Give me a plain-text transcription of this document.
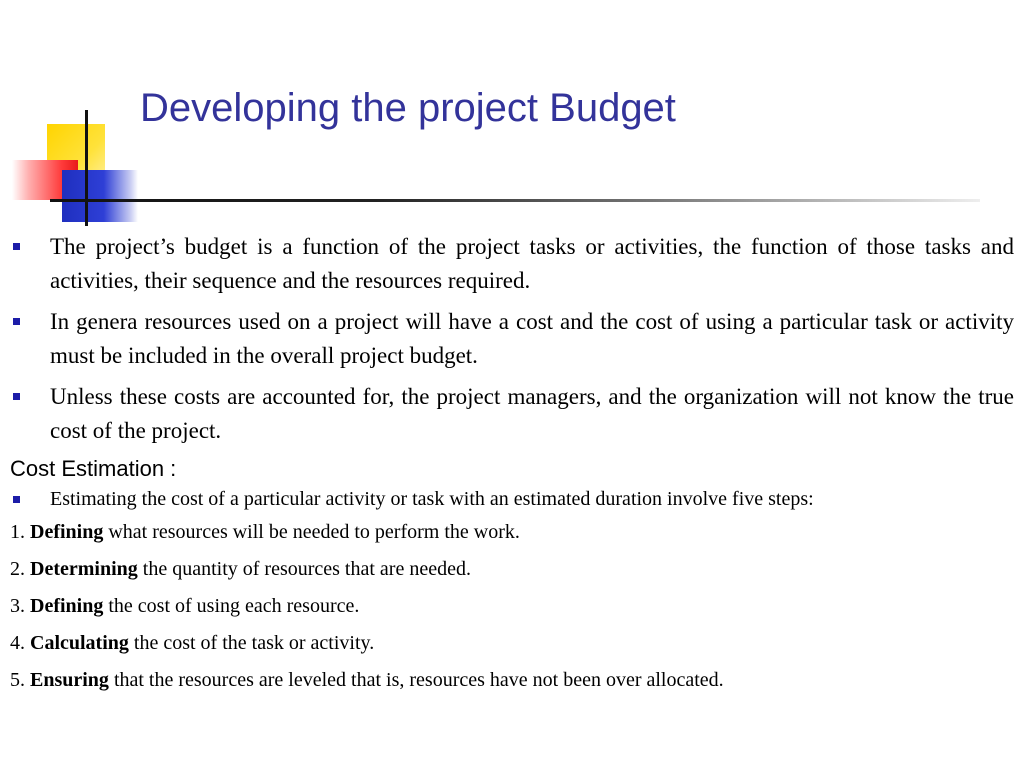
Developing the project Budget
The project’s budget is a function of the project tasks or activities, the function of those tasks and activities, their sequence and the resources required.
In genera resources used on a project will have a cost and the cost of using a particular task or activity must be included in the overall project budget.
Unless these costs are accounted for, the project managers, and the organization will not know the true cost of the project.
Cost Estimation :
Estimating the cost of a particular activity or task with an estimated duration involve five steps:
1. Defining what resources will be needed to perform the work.
2. Determining the quantity of resources that are needed.
3. Defining the cost of using each resource.
4. Calculating the cost of the task or activity.
5. Ensuring that the resources are leveled that is, resources have not been over allocated.
